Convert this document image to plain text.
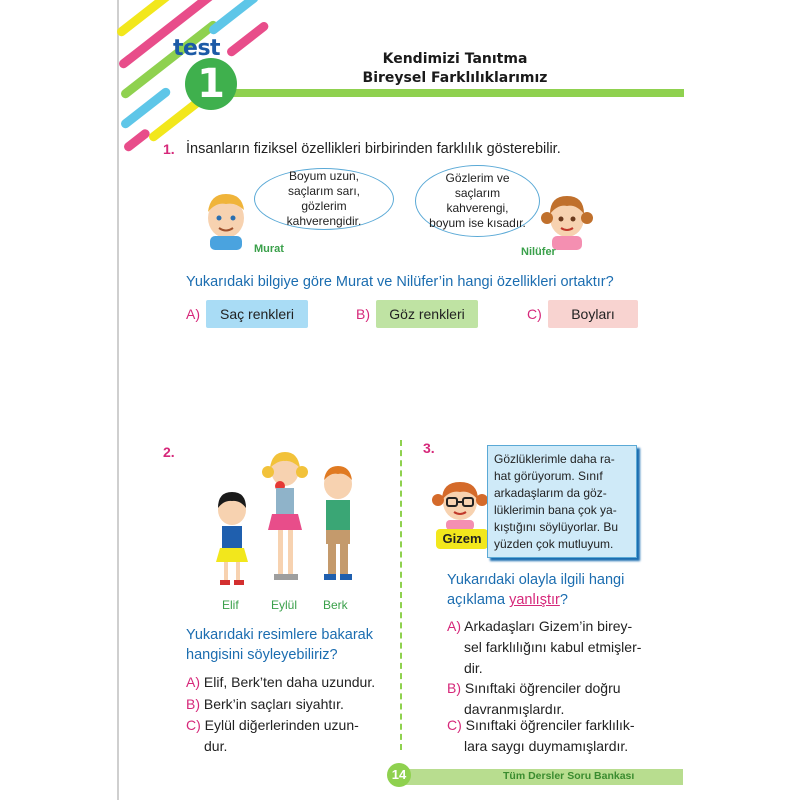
1
test	Kendimizi Tanıtma
Bireysel Farklılıklarımız
1. İnsanların fiziksel özellikleri birbirinden farklılık gösterebilir.
Murat
Boyum uzun, saçlarım sarı, gözlerim kahverengidir.
Gözlerim ve saçlarım kahverengi, boyum ise kısadır.
Nilüfer
Yukarıdaki bilgiye göre Murat ve Nilüfer’in hangi özellikleri ortaktır?
A)	Saç renkleri	B)	Göz renkleri	C)	Boyları
2.
Elif	Eylül Berk
Yukarıdaki resimlere bakarak
hangisini söyleyebiliriz?
A) Elif, Berk’ten daha uzundur.
B) Berk’in saçları siyahtır.
C) Eylül diğerlerinden uzun-
dur.
3.
Gizem
Gözlüklerimle daha ra-
hat görüyorum. Sınıf
arkadaşlarım da göz-
lüklerimin bana çok ya-
kıştığını söylüyorlar. Bu
yüzden çok mutluyum.
Yukarıdaki olayla ilgili hangi
açıklama yanlıştır?
A) Arkadaşları Gizem’in birey-
sel farklılığını kabul etmişler-
dir.
B) Sınıftaki öğrenciler doğru
davranmışlardır.
C) Sınıftaki öğrenciler farklılık-
lara saygı duymamışlardır.
14	Tüm Dersler Soru Bankası
